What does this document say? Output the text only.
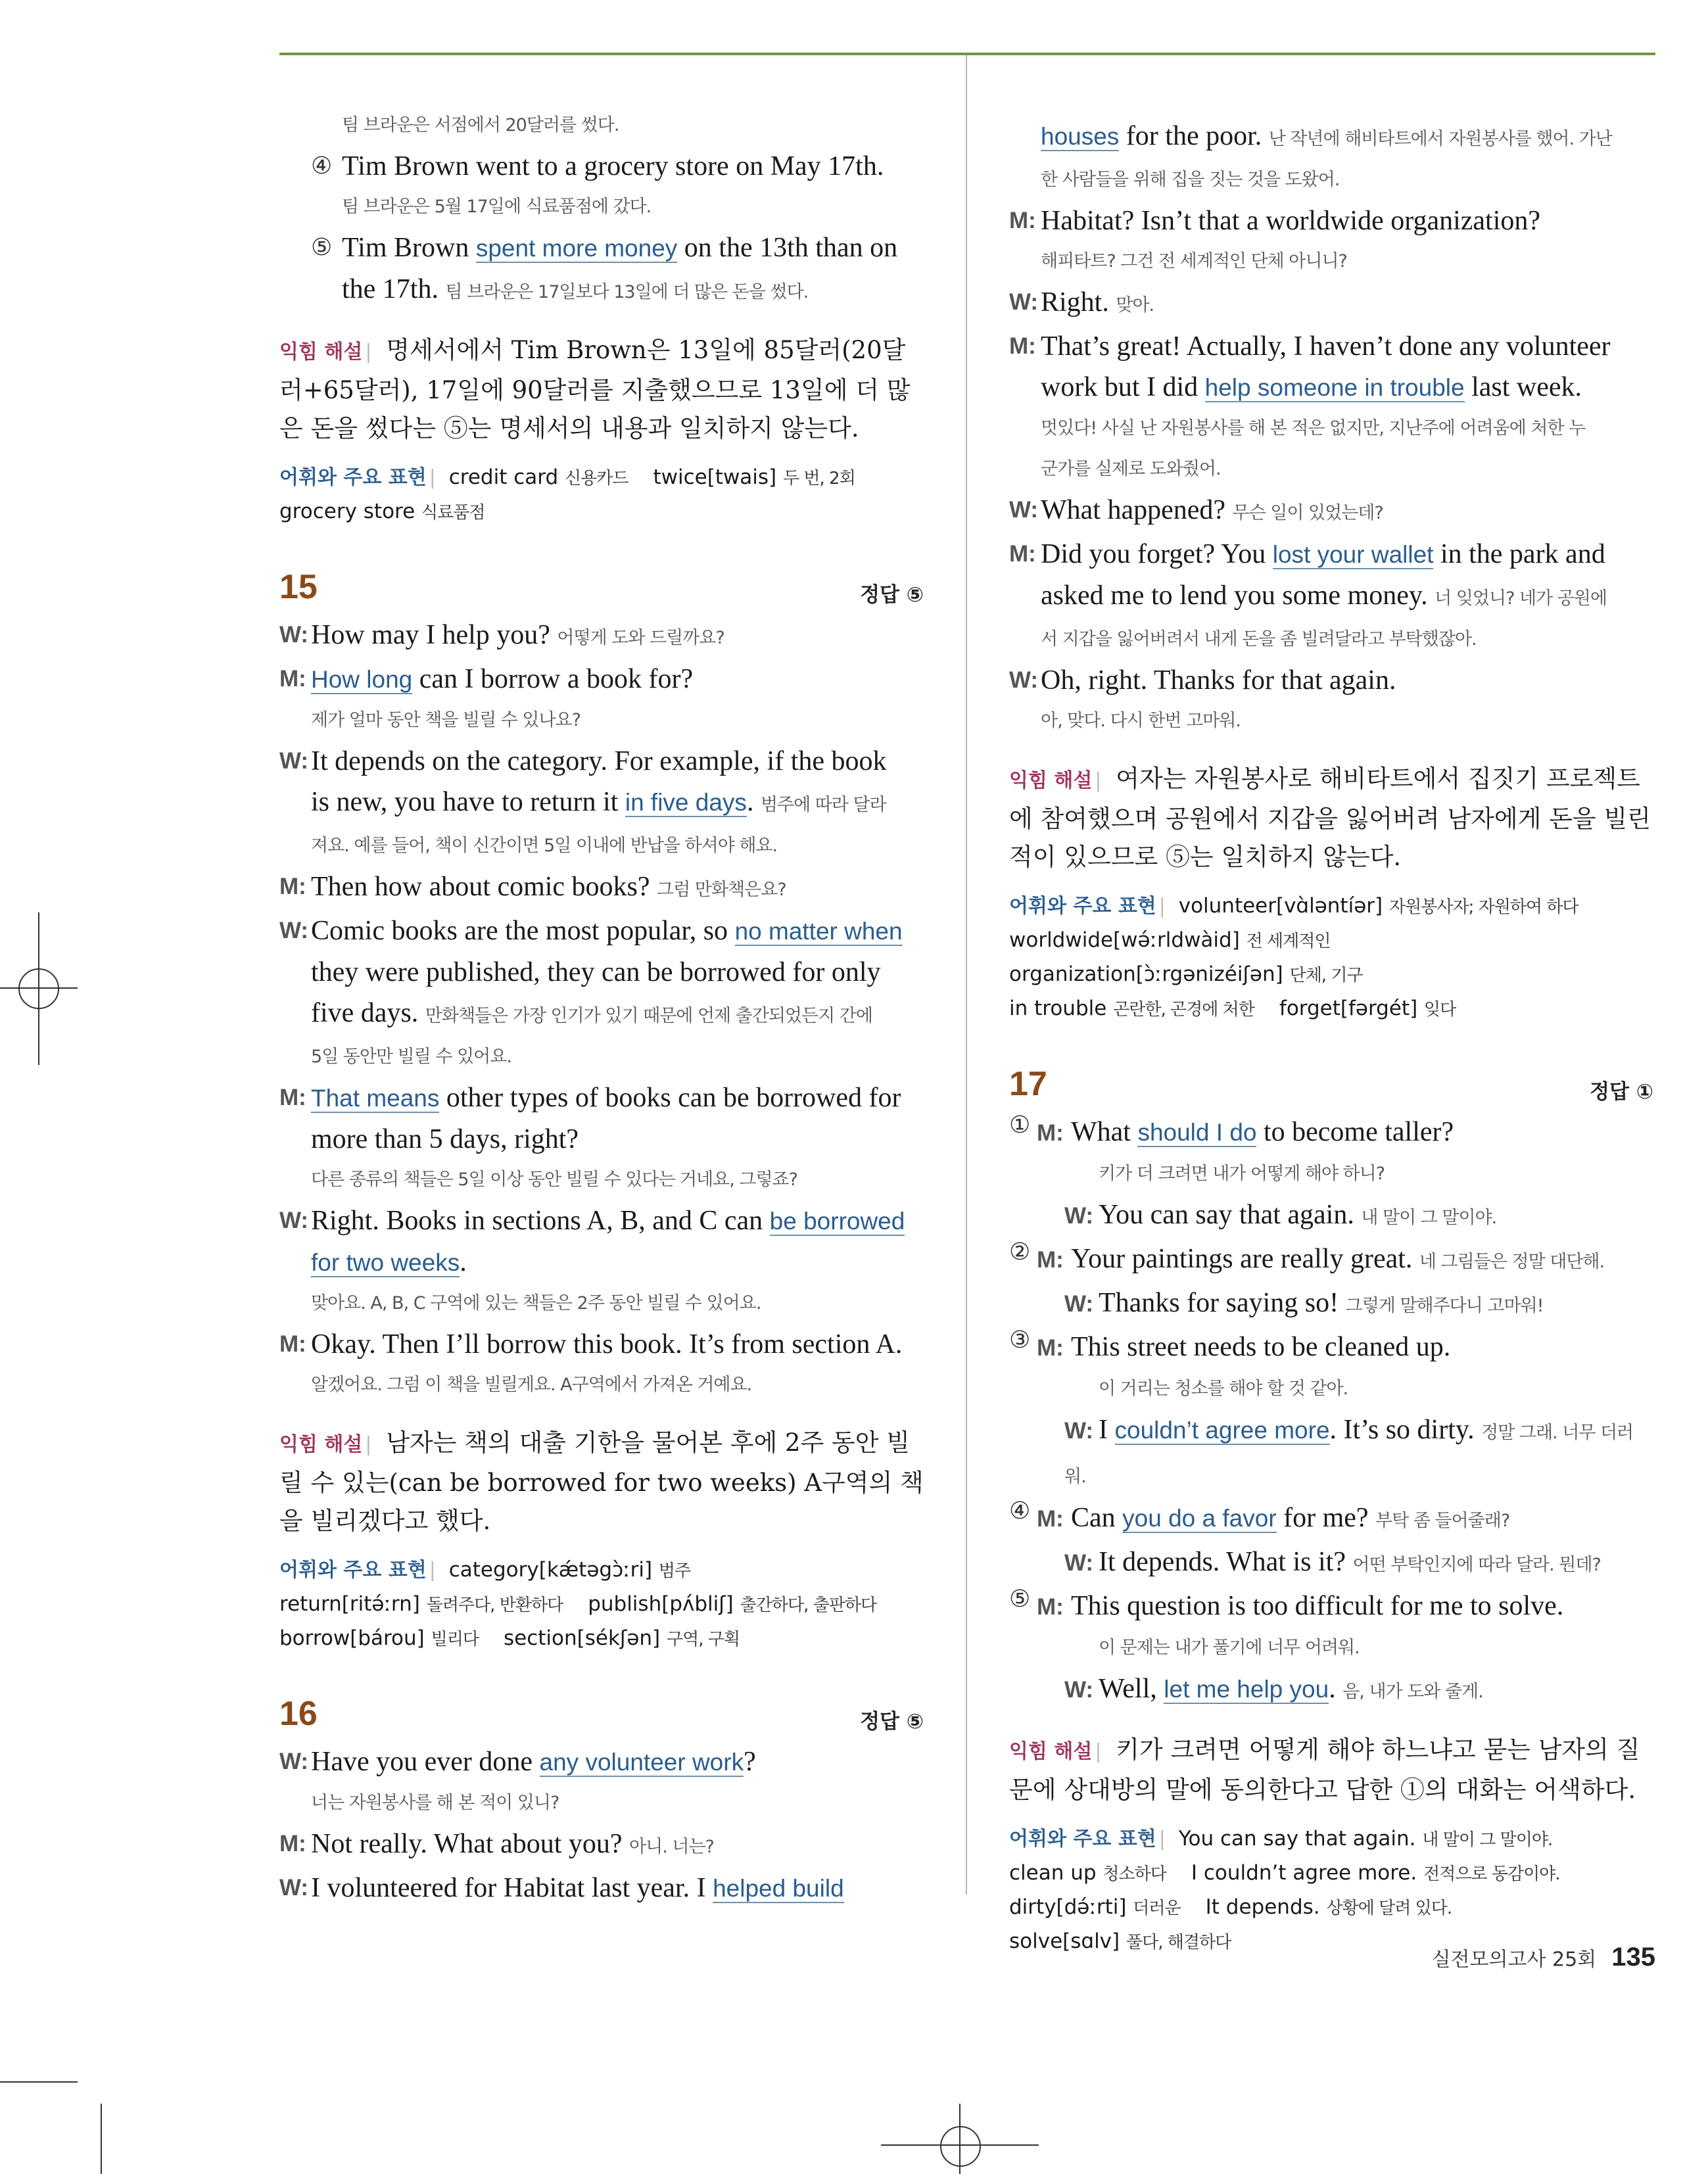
팀 브라운은 서점에서 20달러를 썼다.
④ Tim Brown went to a grocery store on May 17th.
팀 브라운은 5월 17일에 식료품점에 갔다.
⑤ Tim Brown spent more money on the 13th than on
the 17th. 팀 브라운은 17일보다 13일에 더 많은 돈을 썼다.
익힘 해설 | 명세서에서 Tim Brown은 13일에 85달러(20달러+65달러), 17일에 90달러를 지출했으므로 13일에 더 많은 돈을 썼다는 ⑤는 명세서의 내용과 일치하지 않는다.
어휘와 주요 표현 | credit card 신용카드 twice[twais] 두 번, 2회
grocery store 식료품점
15	정답 ⑤
W: How may I help you? 어떻게 도와 드릴까요?
M: How long can I borrow a book for?
제가 얼마 동안 책을 빌릴 수 있나요?
W: It depends on the category. For example, if the book
is new, you have to return it in five days. 범주에 따라 달라
져요. 예를 들어, 책이 신간이면 5일 이내에 반납을 하셔야 해요.
M: Then how about comic books? 그럼 만화책은요?
W: Comic books are the most popular, so no matter when
they were published, they can be borrowed for only
five days. 만화책들은 가장 인기가 있기 때문에 언제 출간되었든지 간에
5일 동안만 빌릴 수 있어요.
M: That means other types of books can be borrowed for
more than 5 days, right?
다른 종류의 책들은 5일 이상 동안 빌릴 수 있다는 거네요, 그렇죠?
W: Right. Books in sections A, B, and C can be borrowed
for two weeks.
맞아요. A, B, C 구역에 있는 책들은 2주 동안 빌릴 수 있어요.
M: Okay. Then I’ll borrow this book. It’s from section A.
알겠어요. 그럼 이 책을 빌릴게요. A구역에서 가져온 거예요.
익힘 해설 | 남자는 책의 대출 기한을 물어본 후에 2주 동안 빌릴 수 있는(can be borrowed for two weeks) A구역의 책을 빌리겠다고 했다.
어휘와 주요 표현 | category[kǽtəgɔ̀ːri] 범주
return[ritə́ːrn] 돌려주다, 반환하다 publish[pʌ́bliʃ] 출간하다, 출판하다
borrow[bárou] 빌리다 section[sékʃən] 구역, 구획
16	정답 ⑤
W: Have you ever done any volunteer work?
너는 자원봉사를 해 본 적이 있니?
M: Not really. What about you? 아니. 너는?
W: I volunteered for Habitat last year. I helped build
houses for the poor. 난 작년에 해비타트에서 자원봉사를 했어. 가난
한 사람들을 위해 집을 짓는 것을 도왔어.
M: Habitat? Isn’t that a worldwide organization?
해피타트? 그건 전 세계적인 단체 아니니?
W: Right. 맞아.
M: That’s great! Actually, I haven’t done any volunteer
work but I did help someone in trouble last week.
멋있다! 사실 난 자원봉사를 해 본 적은 없지만, 지난주에 어려움에 처한 누
군가를 실제로 도와줬어.
W: What happened? 무슨 일이 있었는데?
M: Did you forget? You lost your wallet in the park and
asked me to lend you some money. 너 잊었니? 네가 공원에
서 지갑을 잃어버려서 내게 돈을 좀 빌려달라고 부탁했잖아.
W: Oh, right. Thanks for that again.
아, 맞다. 다시 한번 고마워.
익힘 해설 | 여자는 자원봉사로 해비타트에서 집짓기 프로젝트에 참여했으며 공원에서 지갑을 잃어버려 남자에게 돈을 빌린 적이 있으므로 ⑤는 일치하지 않는다.
어휘와 주요 표현 | volunteer[vɑ̀ləntíər] 자원봉사자; 자원하여 하다
worldwide[wə́ːrldwàid] 전 세계적인
organization[ɔ̀ːrgənizéiʃən] 단체, 기구
in trouble 곤란한, 곤경에 처한 forget[fərgét] 잊다
17	정답 ①
① M: What should I do to become taller?
키가 더 크려면 내가 어떻게 해야 하니?
W: You can say that again. 내 말이 그 말이야.
② M: Your paintings are really great. 네 그림들은 정말 대단해.
W: Thanks for saying so! 그렇게 말해주다니 고마워!
③ M: This street needs to be cleaned up.
이 거리는 청소를 해야 할 것 같아.
W: I couldn’t agree more. It’s so dirty. 정말 그래. 너무 더러워.
④ M: Can you do a favor for me? 부탁 좀 들어줄래?
W: It depends. What is it? 어떤 부탁인지에 따라 달라. 뭔데?
⑤ M: This question is too difficult for me to solve.
이 문제는 내가 풀기에 너무 어려워.
W: Well, let me help you. 음, 내가 도와 줄게.
익힘 해설 | 키가 크려면 어떻게 해야 하느냐고 묻는 남자의 질문에 상대방의 말에 동의한다고 답한 ①의 대화는 어색하다.
어휘와 주요 표현 | You can say that again. 내 말이 그 말이야.
clean up 청소하다 I couldn’t agree more. 전적으로 동감이야.
dirty[də́ːrti] 더러운 It depends. 상황에 달려 있다.
solve[sɑlv] 풀다, 해결하다
실전모의고사 25회 135
